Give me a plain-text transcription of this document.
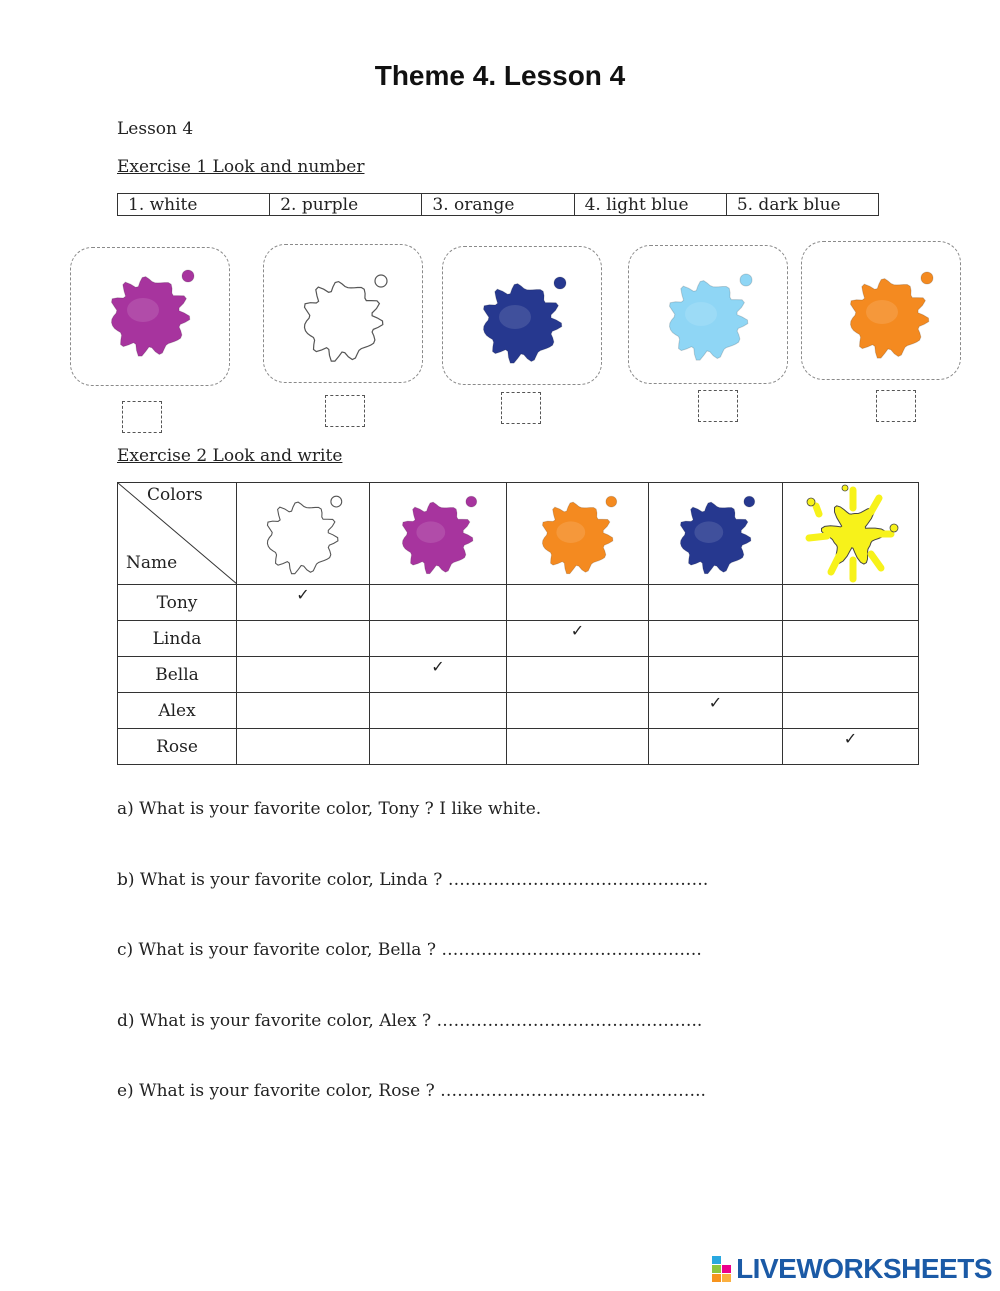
Theme 4. Lesson 4
Lesson 4
Exercise 1 Look and number
1. white	2. purple	3. orange	4. light blue	5. dark blue
Exercise 2 Look and write
Colors
Name

Tony	✓				
Linda			✓		
Bella		✓			
Alex				✓	
Rose					✓
a) What is your favorite color, Tony ? I like white.
b) What is your favorite color, Linda ? ……………………………………….
c) What is your favorite color, Bella ? ……………………………………….
d) What is your favorite color, Alex ? ………………………………………..
e) What is your favorite color, Rose ? ………………………………………..
LIVEWORKSHEETS
